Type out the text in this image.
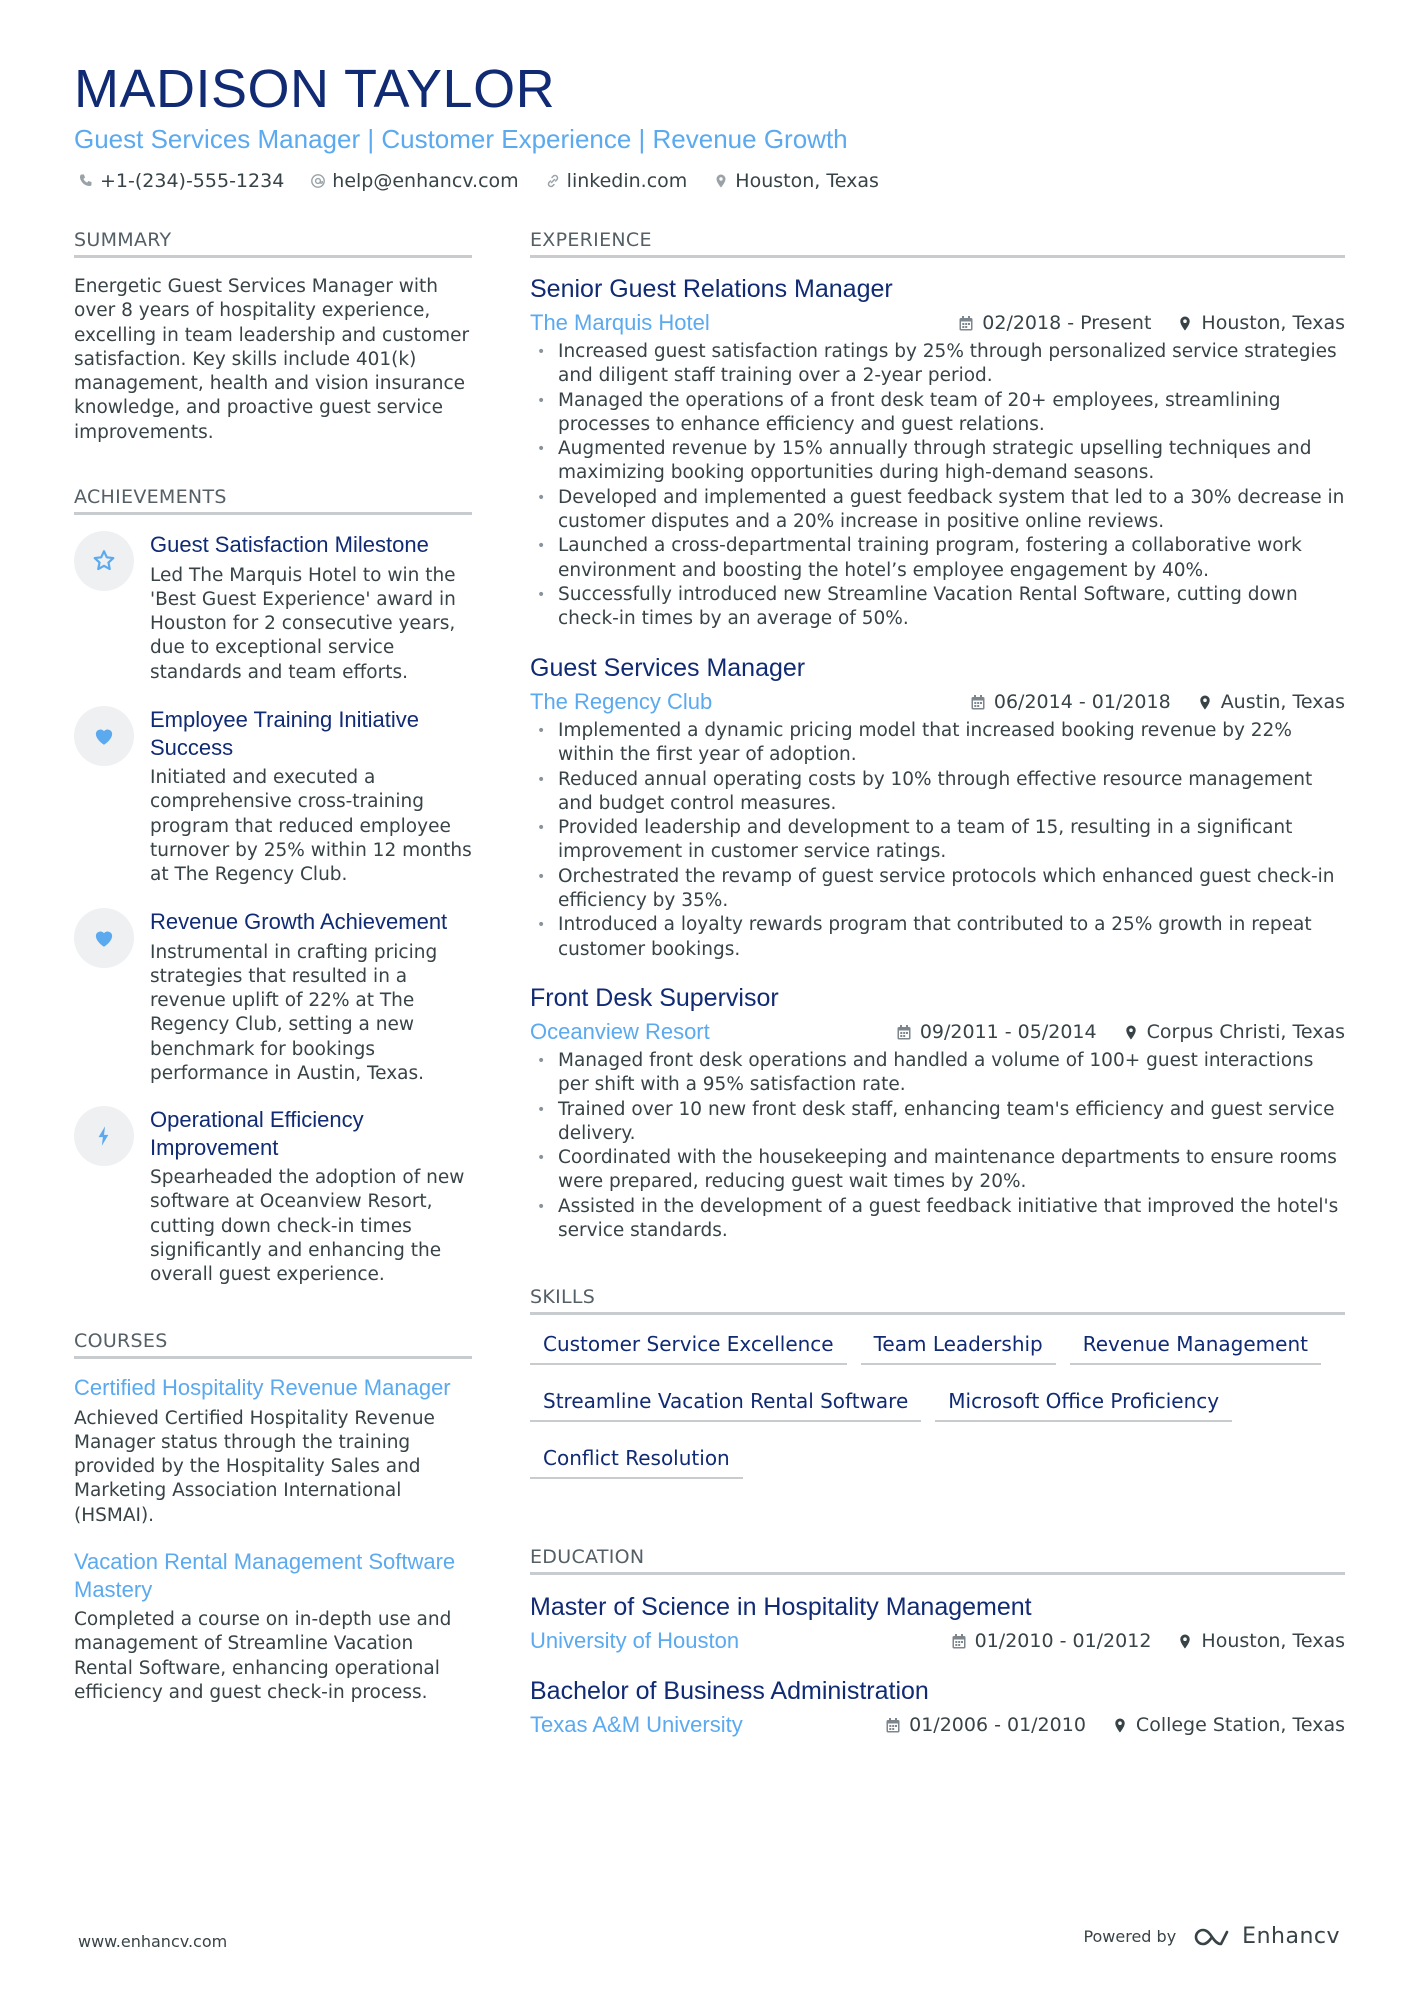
MADISON TAYLOR
Guest Services Manager | Customer Experience | Revenue Growth
+1-(234)-555-1234	help@enhancv.com	linkedin.com	Houston, Texas
SUMMARY
Energetic Guest Services Manager with over 8 years of hospitality experience, excelling in team leadership and customer satisfaction. Key skills include 401(k) management, health and vision insurance knowledge, and proactive guest service improvements.
ACHIEVEMENTS
Guest Satisfaction Milestone
Led The Marquis Hotel to win the 'Best Guest Experience' award in Houston for 2 consecutive years, due to exceptional service standards and team efforts.
Employee Training Initiative Success
Initiated and executed a comprehensive cross-training program that reduced employee turnover by 25% within 12 months at The Regency Club.
Revenue Growth Achievement
Instrumental in crafting pricing strategies that resulted in a revenue uplift of 22% at The Regency Club, setting a new benchmark for bookings performance in Austin, Texas.
Operational Efficiency Improvement
Spearheaded the adoption of new software at Oceanview Resort, cutting down check-in times significantly and enhancing the overall guest experience.
COURSES
Certified Hospitality Revenue Manager
Achieved Certified Hospitality Revenue Manager status through the training provided by the Hospitality Sales and Marketing Association International (HSMAI).
Vacation Rental Management Software Mastery
Completed a course on in-depth use and management of Streamline Vacation Rental Software, enhancing operational efficiency and guest check-in process.
EXPERIENCE
Senior Guest Relations Manager
The Marquis Hotel	02/2018 - Present	Houston, Texas
• Increased guest satisfaction ratings by 25% through personalized service strategies and diligent staff training over a 2-year period.
• Managed the operations of a front desk team of 20+ employees, streamlining processes to enhance efficiency and guest relations.
• Augmented revenue by 15% annually through strategic upselling techniques and maximizing booking opportunities during high-demand seasons.
• Developed and implemented a guest feedback system that led to a 30% decrease in customer disputes and a 20% increase in positive online reviews.
• Launched a cross-departmental training program, fostering a collaborative work environment and boosting the hotel’s employee engagement by 40%.
• Successfully introduced new Streamline Vacation Rental Software, cutting down check-in times by an average of 50%.
Guest Services Manager
The Regency Club	06/2014 - 01/2018	Austin, Texas
• Implemented a dynamic pricing model that increased booking revenue by 22% within the first year of adoption.
• Reduced annual operating costs by 10% through effective resource management and budget control measures.
• Provided leadership and development to a team of 15, resulting in a significant improvement in customer service ratings.
• Orchestrated the revamp of guest service protocols which enhanced guest check-in efficiency by 35%.
• Introduced a loyalty rewards program that contributed to a 25% growth in repeat customer bookings.
Front Desk Supervisor
Oceanview Resort	09/2011 - 05/2014	Corpus Christi, Texas
• Managed front desk operations and handled a volume of 100+ guest interactions per shift with a 95% satisfaction rate.
• Trained over 10 new front desk staff, enhancing team's efficiency and guest service delivery.
• Coordinated with the housekeeping and maintenance departments to ensure rooms were prepared, reducing guest wait times by 20%.
• Assisted in the development of a guest feedback initiative that improved the hotel's service standards.
SKILLS
Customer Service Excellence	Team Leadership	Revenue Management
Streamline Vacation Rental Software	Microsoft Office Proficiency
Conflict Resolution
EDUCATION
Master of Science in Hospitality Management
University of Houston	01/2010 - 01/2012	Houston, Texas
Bachelor of Business Administration
Texas A&M University	01/2006 - 01/2010	College Station, Texas
www.enhancv.com	Powered by	Enhancv
